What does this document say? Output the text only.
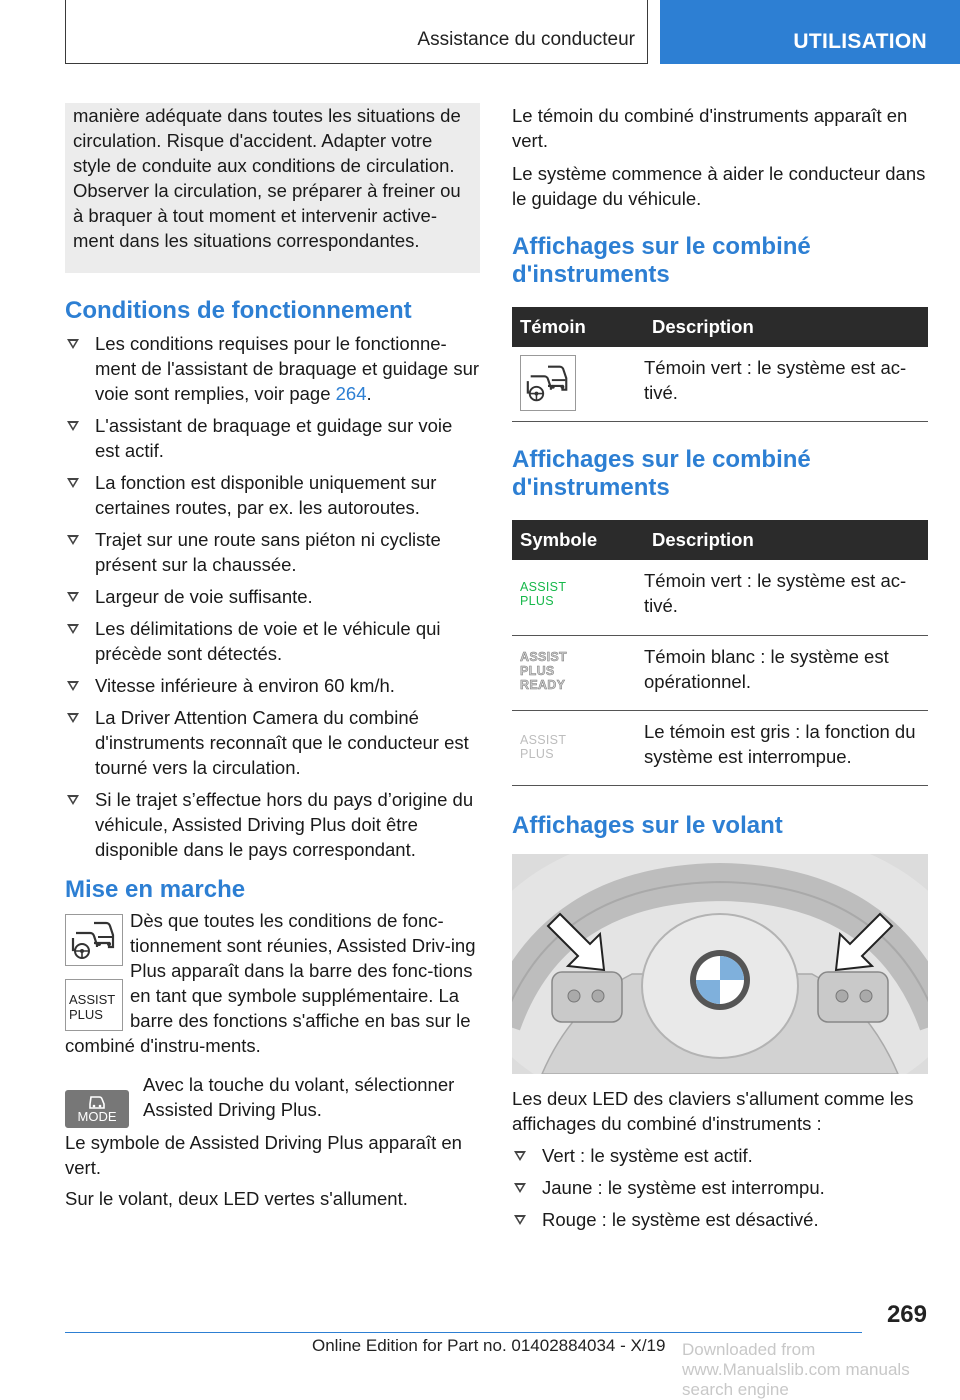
Assistance du conducteur	UTILISATION
manière adéquate dans toutes les situations de circulation. Risque d'accident. Adapter votre style de conduite aux conditions de circulation. Observer la circulation, se préparer à freiner ou à braquer à tout moment et intervenir active-ment dans les situations correspondantes.
Conditions de fonctionnement
Les conditions requises pour le fonctionne-ment de l'assistant de braquage et guidage sur voie sont remplies, voir page 264.
L'assistant de braquage et guidage sur voie est actif.
La fonction est disponible uniquement sur certaines routes, par ex. les autoroutes.
Trajet sur une route sans piéton ni cycliste présent sur la chaussée.
Largeur de voie suffisante.
Les délimitations de voie et le véhicule qui précède sont détectés.
Vitesse inférieure à environ 60 km/h.
La Driver Attention Camera du combiné d'instruments reconnaît que le conducteur est tourné vers la circulation.
Si le trajet s’effectue hors du pays d’origine du véhicule, Assisted Driving Plus doit être disponible dans le pays correspondant.
Mise en marche
ASSIST
PLUS

Dès que toutes les conditions de fonc-tionnement sont réunies, Assisted Driv-ing Plus apparaît dans la barre des fonc-tions en tant que symbole supplémentaire. La barre des fonctions s'affiche en bas sur le

combiné d'instru-ments.

MODE

Avec la touche du volant, sélectionner Assisted Driving Plus.

Le symbole de Assisted Driving Plus apparaît en vert.

Sur le volant, deux LED vertes s'allument.

Le témoin du combiné d'instruments apparaît en vert.

Le système commence à aider le conducteur dans le guidage du véhicule.

Affichages sur le combiné d'instruments
Témoin	Description

	Témoin vert : le système est ac-tivé.
Affichages sur le combiné d'instruments
Symbole	Description

ASSIST
PLUS	Témoin vert : le système est ac-tivé.

ASSIST
PLUS
READY	Témoin blanc : le système est opérationnel.

ASSIST
PLUS	Le témoin est gris : la fonction du système est interrompue.
Affichages sur le volant

Les deux LED des claviers s'allument comme les affichages du combiné d'instruments :

Vert : le système est actif.
Jaune : le système est interrompu.
Rouge : le système est désactivé.
269
Downloaded from www.Manualslib.com manuals search engine
Online Edition for Part no. 01402884034 - X/19
